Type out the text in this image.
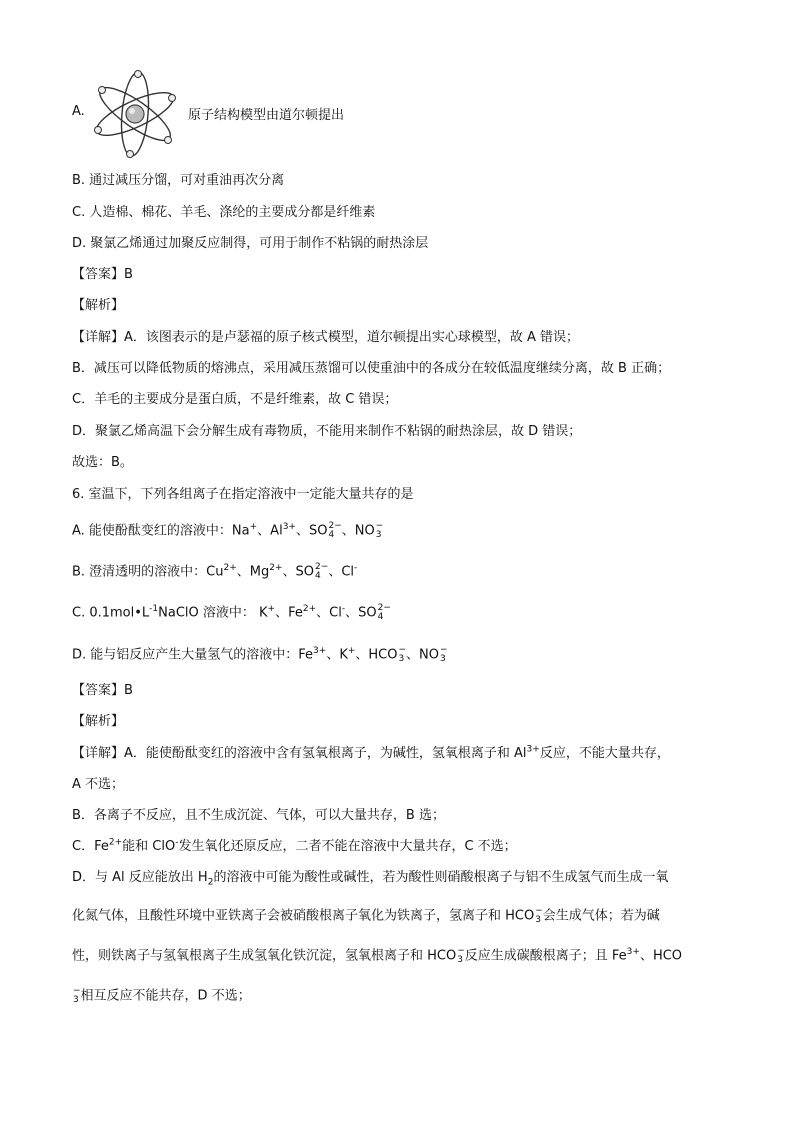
A.	原子结构模型由道尔顿提出
B. 通过减压分馏，可对重油再次分离
C. 人造棉、棉花、羊毛、涤纶的主要成分都是纤维素
D. 聚氯乙烯通过加聚反应制得，可用于制作不粘锅的耐热涂层
【答案】B
【解析】
【详解】A．该图表示的是卢瑟福的原子核式模型，道尔顿提出实心球模型，故 A 错误；
B．减压可以降低物质的熔沸点，采用减压蒸馏可以使重油中的各成分在较低温度继续分离，故 B 正确；
C．羊毛的主要成分是蛋白质，不是纤维素，故 C 错误；
D．聚氯乙烯高温下会分解生成有毒物质，不能用来制作不粘锅的耐热涂层，故 D 错误；
故选：B。
6. 室温下，下列各组离子在指定溶液中一定能大量共存的是
A. 能使酚酞变红的溶液中：Na+、$Al^{3+}$、SO 2−
4 、NO −
3
B. 澄清透明的溶液中：$Cu^{2+}$、$Mg^{2+}$、SO 2−
4 、Cl-
C. $0.1mol•L^{-1}NaClO$ 溶液中： K+、$Fe^{2+}$、Cl-、SO 2−
4
D. 能与铝反应产生大量氢气的溶液中：$Fe^{3+}$、K+、HCO −
3 、NO −
3
【答案】B
【解析】
【详解】A．能使酚酞变红的溶液中含有氢氧根离子，为碱性，氢氧根离子和 $Al^{3+}$反应，不能大量共存，
A 不选；
B．各离子不反应，且不生成沉淀、气体，可以大量共存，B 选；
C．$Fe^{2+}$能和 ClO-发生氧化还原反应，二者不能在溶液中大量共存，C 不选；
D．与 Al 反应能放出 $H_2$的溶液中可能为酸性或碱性，若为酸性则硝酸根离子与铝不生成氢气而生成一氧
化氮气体，且酸性环境中亚铁离子会被硝酸根离子氧化为铁离子，氢离子和 HCO −
3 会生成气体；若为碱
性，则铁离子与氢氧根离子生成氢氧化铁沉淀，氢氧根离子和 HCO −
3 反应生成碳酸根离子；且 $Fe^{3+}$、HCO
−
3 相互反应不能共存，D 不选；
